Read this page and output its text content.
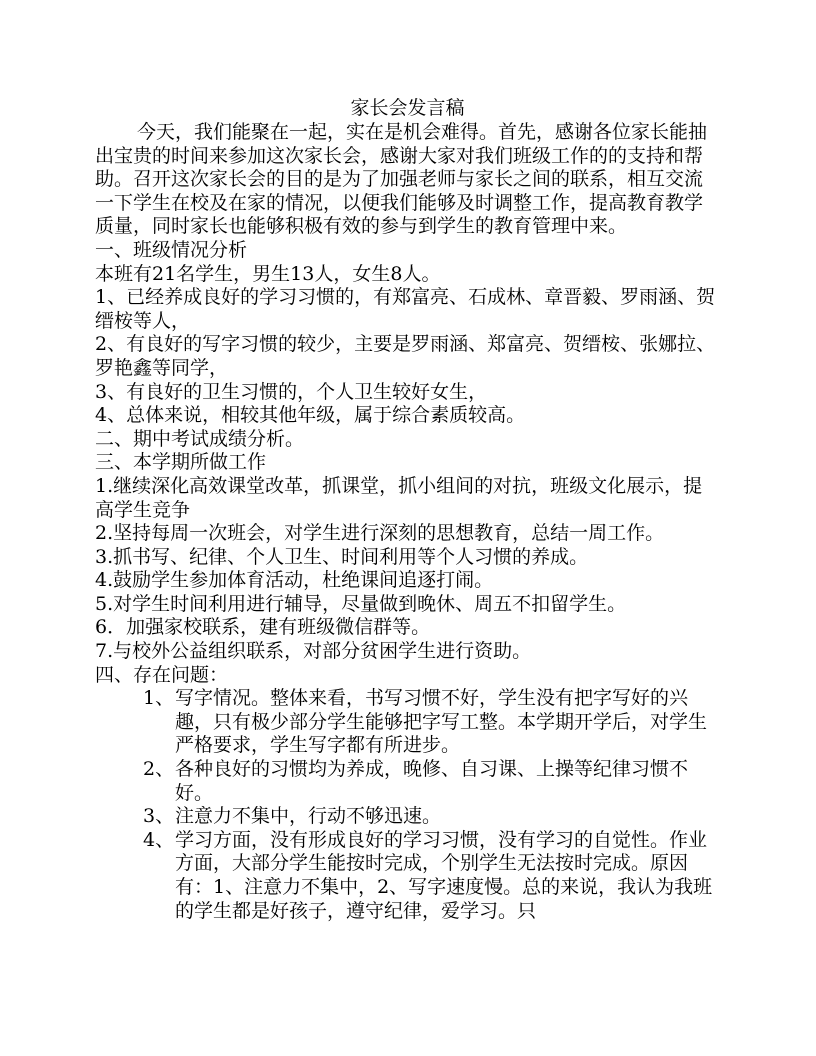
家长会发言稿

今天，我们能聚在一起，实在是机会难得。首先，感谢各位家长能抽出宝贵的时间来参加这次家长会，感谢大家对我们班级工作的的支持和帮助。召开这次家长会的目的是为了加强老师与家长之间的联系，相互交流一下学生在校及在家的情况，以便我们能够及时调整工作，提高教育教学质量，同时家长也能够积极有效的参与到学生的教育管理中来。

一、班级情况分析

本班有21名学生，男生13人，女生8人。

1、已经养成良好的学习习惯的，有郑富亮、石成林、章晋毅、罗雨涵、贺缙桉等人，

2、有良好的写字习惯的较少，主要是罗雨涵、郑富亮、贺缙桉、张娜拉、罗艳鑫等同学，

3、有良好的卫生习惯的，个人卫生较好女生，

4、总体来说，相较其他年级，属于综合素质较高。

二、期中考试成绩分析。

三、本学期所做工作

1.继续深化高效课堂改革，抓课堂，抓小组间的对抗，班级文化展示，提高学生竞争

2.坚持每周一次班会，对学生进行深刻的思想教育，总结一周工作。

3.抓书写、纪律、个人卫生、时间利用等个人习惯的养成。

4.鼓励学生参加体育活动，杜绝课间追逐打闹。

5.对学生时间利用进行辅导，尽量做到晚休、周五不扣留学生。

6．加强家校联系，建有班级微信群等。

7.与校外公益组织联系，对部分贫困学生进行资助。

四、存在问题：

1、 写字情况。整体来看，书写习惯不好，学生没有把字写好的兴趣，只有极少部分学生能够把字写工整。本学期开学后，对学生严格要求，学生写字都有所进步。
2、 各种良好的习惯均为养成，晚修、自习课、上操等纪律习惯不好。
3、 注意力不集中，行动不够迅速。
4、 学习方面，没有形成良好的学习习惯，没有学习的自觉性。作业方面，大部分学生能按时完成，个别学生无法按时完成。原因有：1、注意力不集中，2、写字速度慢。总的来说，我认为我班的学生都是好孩子，遵守纪律，爱学习。只
